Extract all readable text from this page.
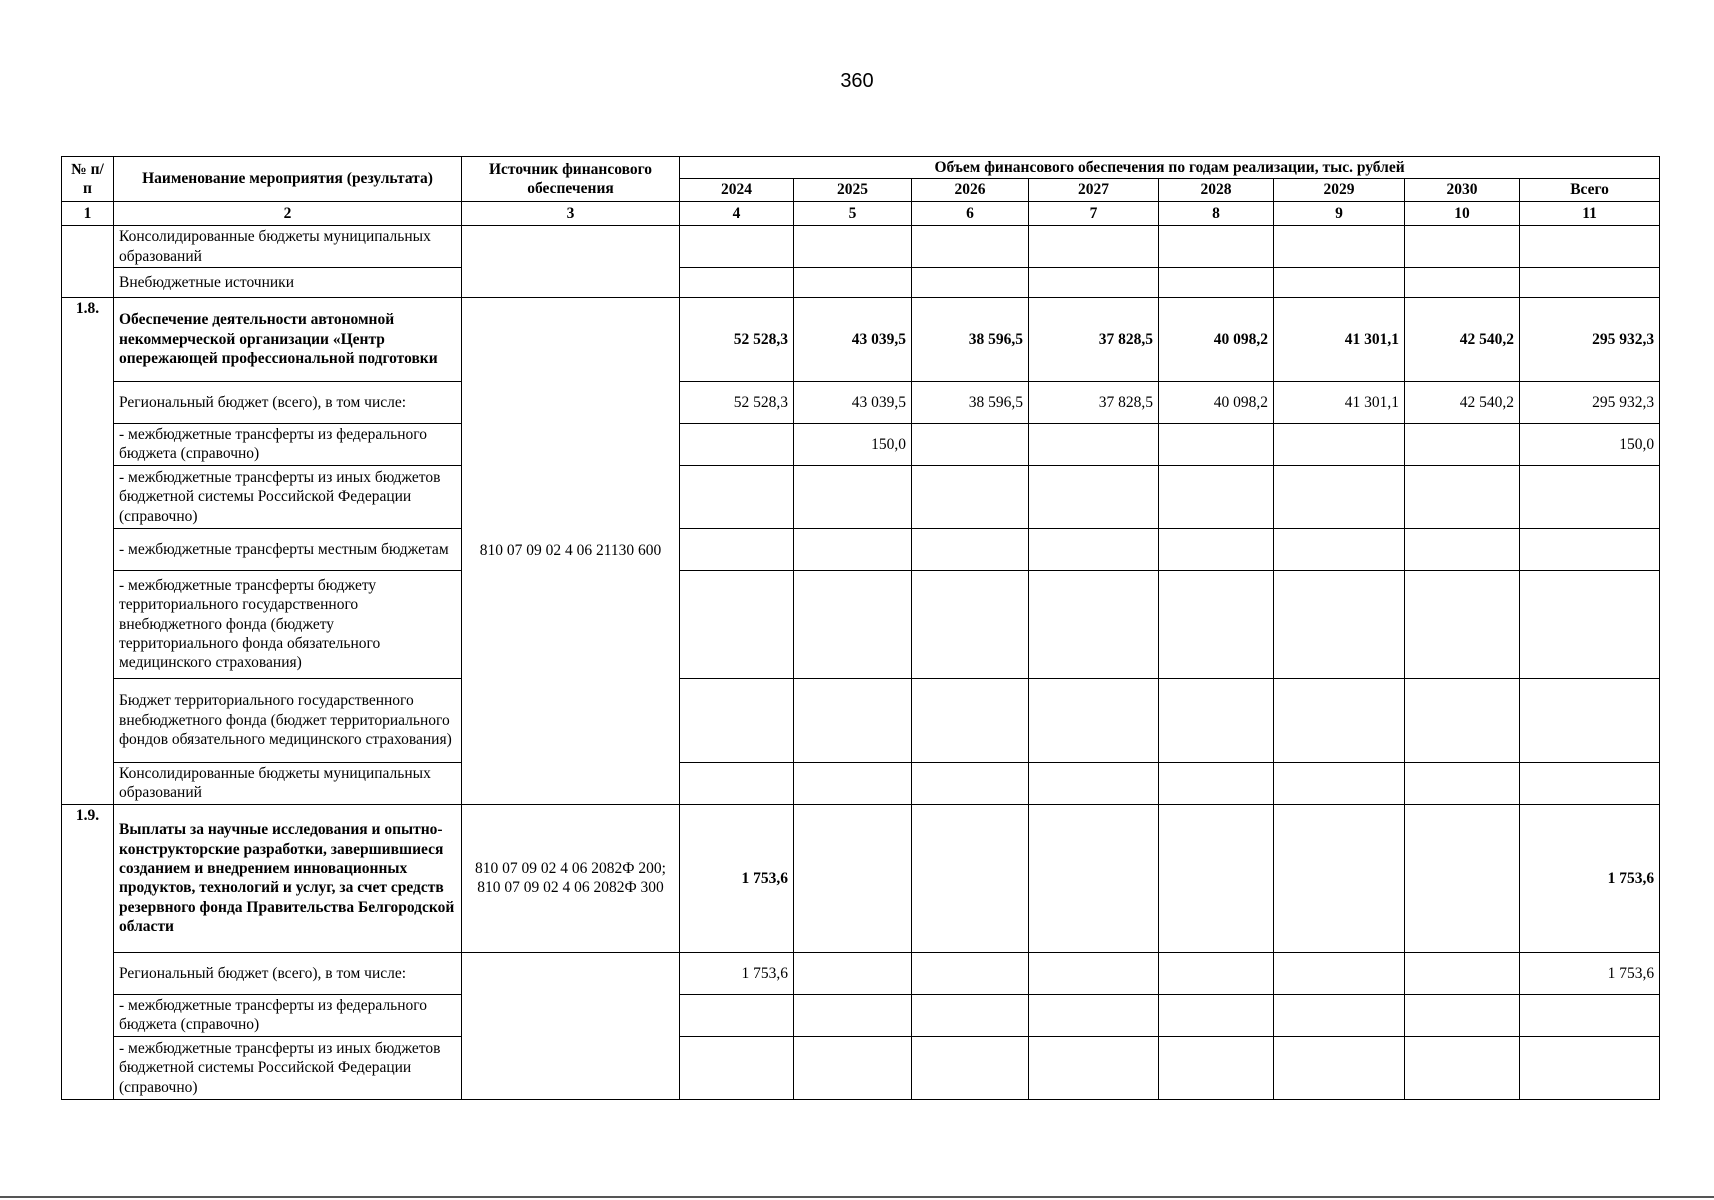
360
№ п/п	Наименование мероприятия (результата)	Источник финансового обеспечения	Объем финансового обеспечения по годам реализации, тыс. рублей							
			2024	2025	2026	2027	2028	2029	2030	Всего
1	2	3	4	5	6	7	8	9	10	11
	Консолидированные бюджеты муниципальных образований									
	Внебюджетные источники									
1.8.	Обеспечение деятельности автономной некоммерческой организации «Центр опережающей профессиональной подготовки	810 07 09 02 4 06 21130 600	52 528,3	43 039,5	38 596,5	37 828,5	40 098,2	41 301,1	42 540,2	295 932,3
	Региональный бюджет (всего), в том числе:		52 528,3	43 039,5	38 596,5	37 828,5	40 098,2	41 301,1	42 540,2	295 932,3
	- межбюджетные трансферты из федерального бюджета (справочно)			150,0						150,0
	- межбюджетные трансферты из иных бюджетов бюджетной системы Российской Федерации (справочно)									
	- межбюджетные трансферты местным бюджетам									
	- межбюджетные трансферты бюджету территориального государственного внебюджетного фонда (бюджету территориального фонда обязательного медицинского страхования)									
	Бюджет территориального государственного внебюджетного фонда (бюджет территориального фондов обязательного медицинского страхования)									
	Консолидированные бюджеты муниципальных образований									
1.9.	Выплаты за научные исследования и опытно-конструкторские разработки, завершившиеся созданием и внедрением инновационных продуктов, технологий и услуг, за счет средств резервного фонда Правительства Белгородской области	810 07 09 02 4 06 2082Ф 200; 810 07 09 02 4 06 2082Ф 300	1 753,6							1 753,6
	Региональный бюджет (всего), в том числе:		1 753,6							1 753,6
	- межбюджетные трансферты из федерального бюджета (справочно)									
	- межбюджетные трансферты из иных бюджетов бюджетной системы Российской Федерации (справочно)									
